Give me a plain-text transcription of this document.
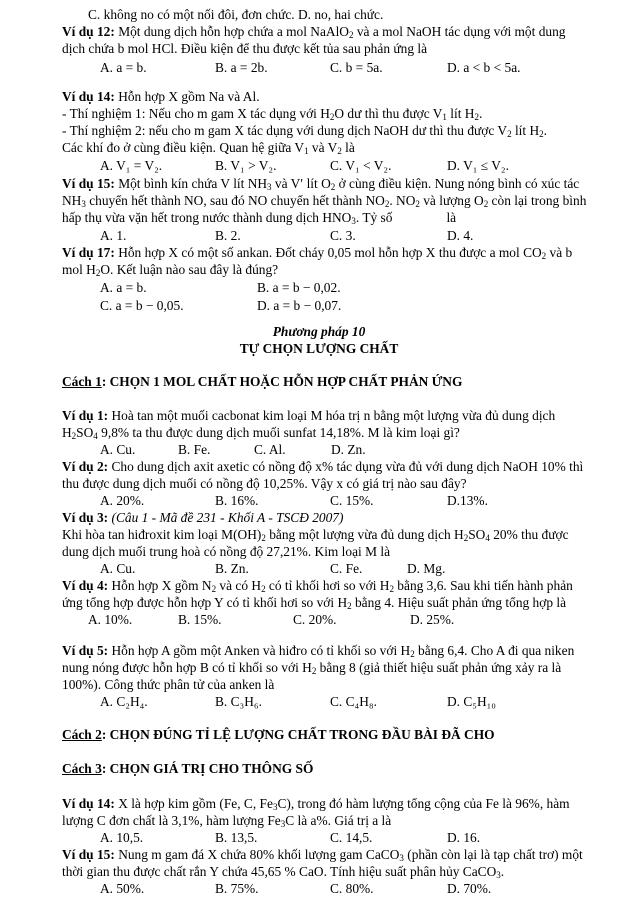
C. không no có một nối đôi, đơn chức. D. no, hai chức.
Ví dụ 12: Một dung dịch hỗn hợp chứa a mol NaAlO$_2$ và a mol NaOH tác dụng với một dung
dịch chứa b mol HCl. Điều kiện để thu được kết tủa sau phản ứng là
A. a = b.	B. a = 2b.	C. b = 5a.	D. a < b < 5a.
Ví dụ 14: Hỗn hợp X gồm Na và Al.
- Thí nghiệm 1: Nếu cho m gam X tác dụng với $H_2O$ dư thì thu được $V_1$ lít $H_2$.
- Thí nghiệm 2: nếu cho m gam X tác dụng với dung dịch NaOH dư thì thu được $V_2$ lít $H_2$.
Các khí đo ở cùng điều kiện. Quan hệ giữa $V_1$ và $V_2$ là
A. V₁ = V₂.	B. V₁ > V₂.	C. V₁ < V₂.	D. V₁ ≤ V₂.
Ví dụ 15: Một bình kín chứa V lít $NH_3$ và V′ lít $O_2$ ở cùng điều kiện. Nung nóng bình có xúc tác
$NH_3$ chuyển hết thành NO, sau đó NO chuyển hết thành $NO_2$. $NO_2$ và lượng $O_2$ còn lại trong bình
hấp thụ vừa vặn hết trong nước thành dung dịch $HNO_3$. Tỷ số	là
A. 1.	B. 2.	C. 3.	D. 4.
Ví dụ 17: Hỗn hợp X có một số ankan. Đốt cháy 0,05 mol hỗn hợp X thu được a mol $CO_2$ và b
mol $H_2O$. Kết luận nào sau đây là đúng?
A. a = b.	B. a = b − 0,02.
C. a = b − 0,05.	D. a = b − 0,07.
Phương pháp 10
TỰ CHỌN LƯỢNG CHẤT
Cách 1: CHỌN 1 MOL CHẤT HOẶC HỖN HỢP CHẤT PHẢN ỨNG
Ví dụ 1: Hoà tan một muối cacbonat kim loại M hóa trị n bằng một lượng vừa đủ dung dịch
$H_2SO_4$ 9,8% ta thu được dung dịch muối sunfat 14,18%. M là kim loại gì?
A. Cu.	B. Fe.	C. Al.	D. Zn.
Ví dụ 2: Cho dung dịch axit axetic có nồng độ x% tác dụng vừa đủ với dung dịch NaOH 10% thì
thu được dung dịch muối có nồng độ 10,25%. Vậy x có giá trị nào sau đây?
A. 20%.	B. 16%.	C. 15%.	D.13%.
Ví dụ 3: (Câu 1 - Mã đề 231 - Khối A - TSCĐ 2007)
Khi hòa tan hiđroxit kim loại $M(OH)_2$ bằng một lượng vừa đủ dung dịch $H_2SO_4$ 20% thu được
dung dịch muối trung hoà có nồng độ 27,21%. Kim loại M là
A. Cu.	B. Zn.	C. Fe.	D. Mg.
Ví dụ 4: Hỗn hợp X gồm $N_2$ và có $H_2$ có tỉ khối hơi so với $H_2$ bằng 3,6. Sau khi tiến hành phản
ứng tổng hợp được hỗn hợp Y có tỉ khối hơi so với $H_2$ bằng 4. Hiệu suất phản ứng tổng hợp là
A. 10%.	B. 15%.	C. 20%.	D. 25%.
Ví dụ 5: Hỗn hợp A gồm một Anken và hiđro có tỉ khối so với $H_2$ bằng 6,4. Cho A đi qua niken
nung nóng được hỗn hợp B có tỉ khối so với $H_2$ bằng 8 (giả thiết hiệu suất phản ứng xảy ra là
100%). Công thức phân tử của anken là
A. C₂H₄.	B. C₃H₆.	C. C₄H₈.	D. C₅H₁₀
Cách 2: CHỌN ĐÚNG TỈ LỆ LƯỢNG CHẤT TRONG ĐẦU BÀI ĐÃ CHO
Cách 3: CHỌN GIÁ TRỊ CHO THÔNG SỐ
Ví dụ 14: X là hợp kim gồm (Fe, C, $Fe_3C$), trong đó hàm lượng tổng cộng của Fe là 96%, hàm
lượng C đơn chất là 3,1%, hàm lượng $Fe_3C$ là a%. Giá trị a là
A. 10,5.	B. 13,5.	C. 14,5.	D. 16.
Ví dụ 15: Nung m gam đá X chứa 80% khối lượng gam CaCO$_3$ (phần còn lại là tạp chất trơ) một
thời gian thu được chất rắn Y chứa 45,65 % CaO. Tính hiệu suất phân hủy CaCO$_3$.
A. 50%.	B. 75%.	C. 80%.	D. 70%.
